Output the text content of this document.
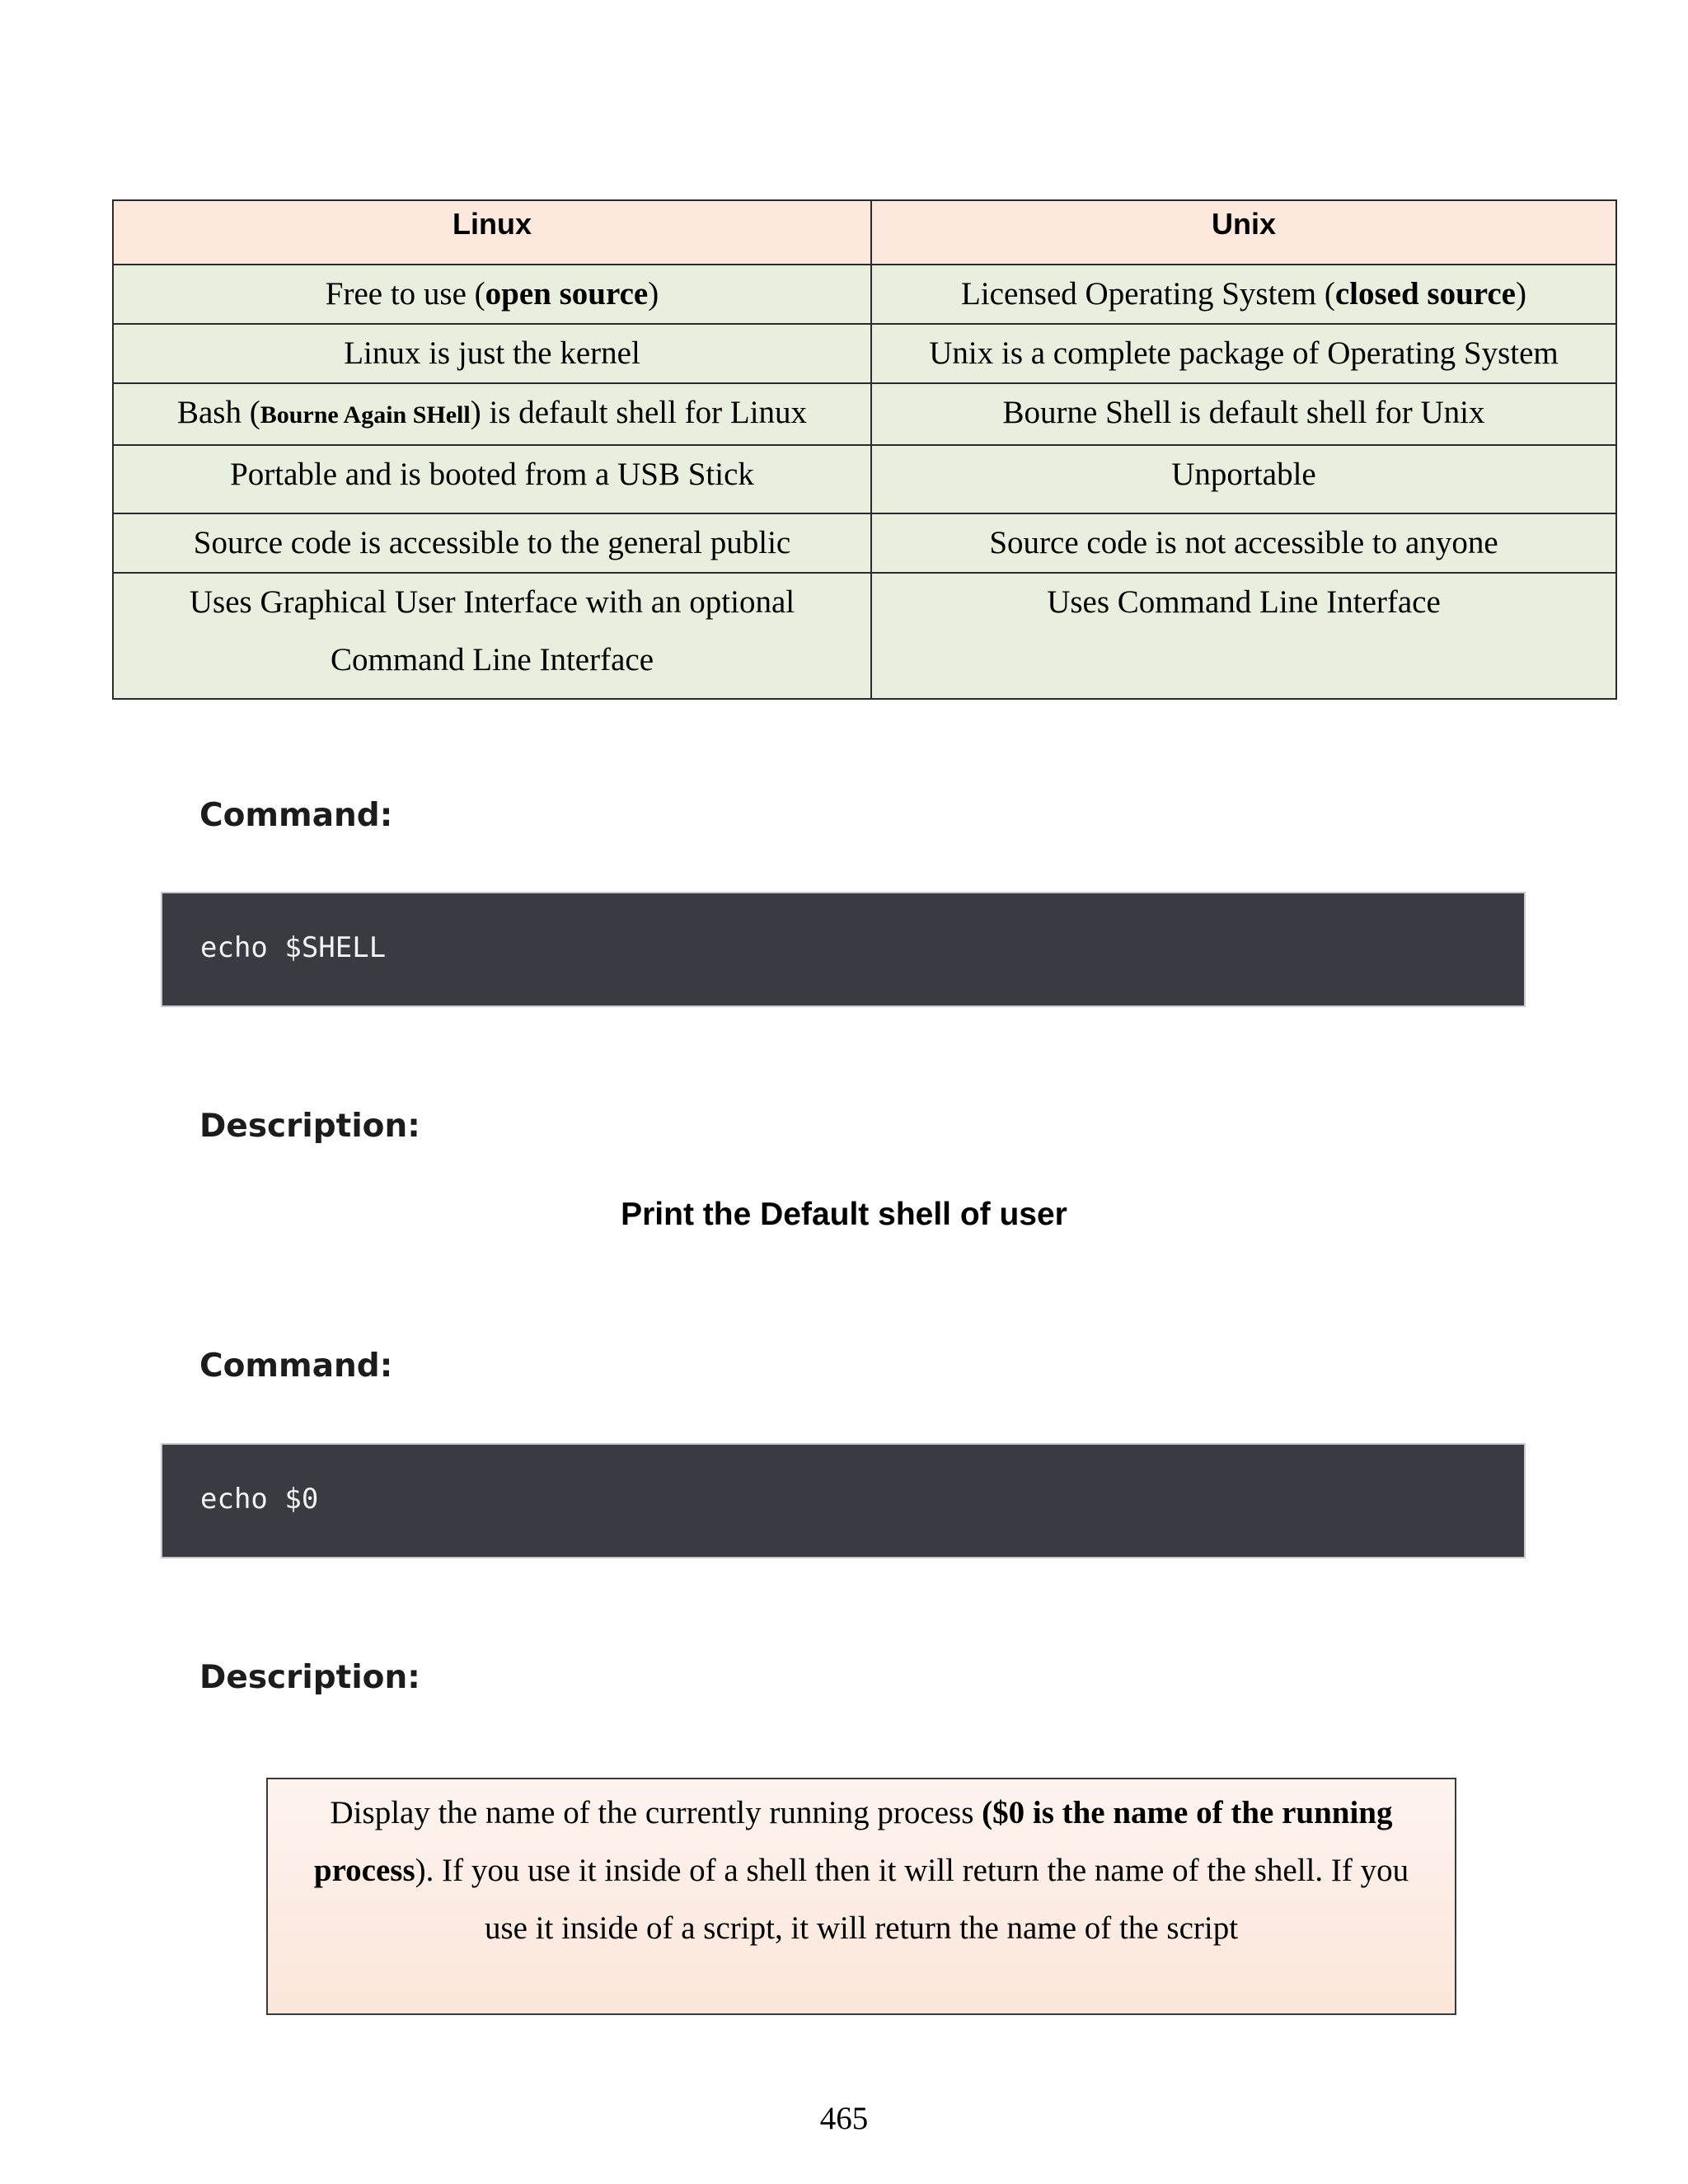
Linux	Unix
Free to use (open source)	Licensed Operating System (closed source)
Linux is just the kernel	Unix is a complete package of Operating System
Bash (Bourne Again SHell) is default shell for Linux	Bourne Shell is default shell for Unix
Portable and is booted from a USB Stick	Unportable
Source code is accessible to the general public	Source code is not accessible to anyone
Uses Graphical User Interface with an optional
Command Line Interface	Uses Command Line Interface
Command:
echo $SHELL
Description:
Print the Default shell of user
Command:
echo $0
Description:
Display the name of the currently running process ($0 is the name of the running process). If you use it inside of a shell then it will return the name of the shell. If you use it inside of a script, it will return the name of the script
465
